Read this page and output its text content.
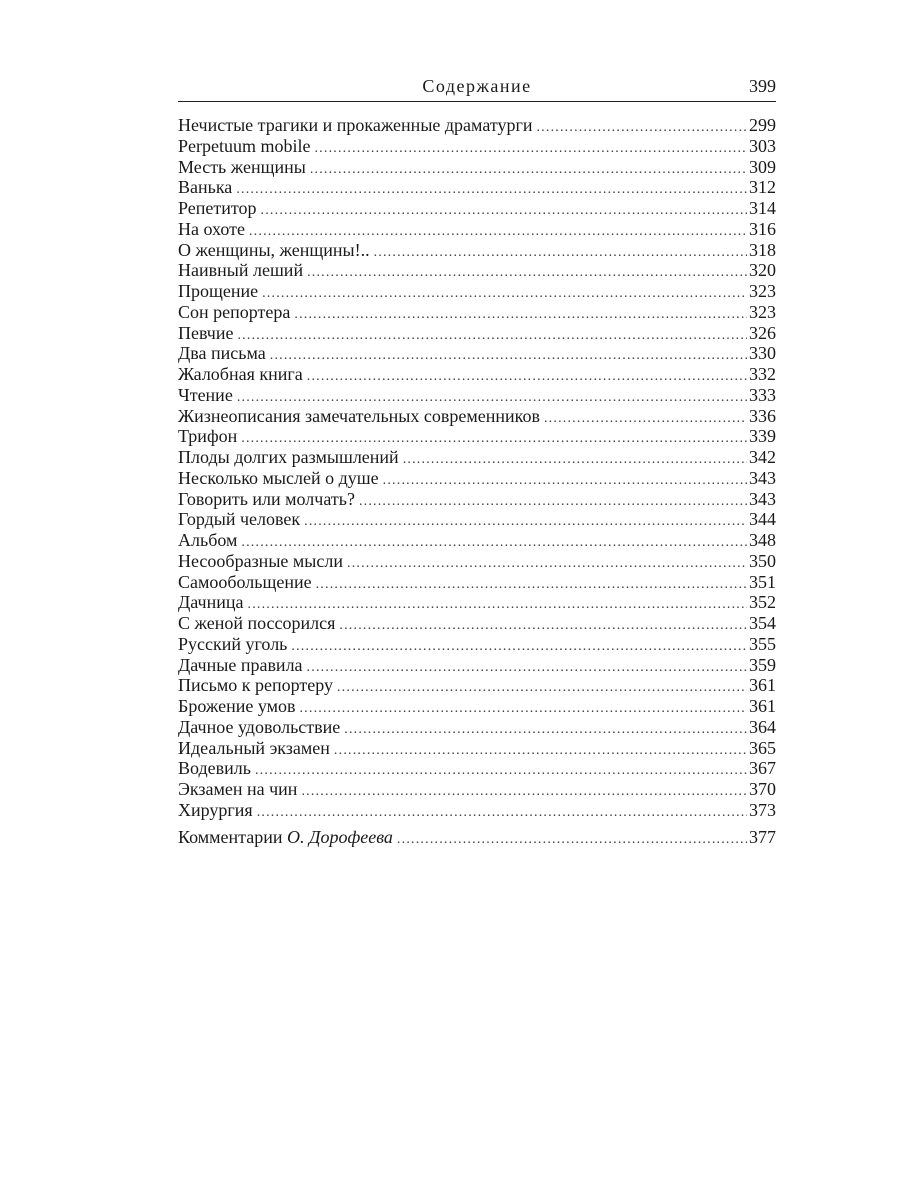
Содержание	399
Нечистые трагики и прокаженные драматурги .....	299
Perpetuum mobile .....	303
Месть женщины .....	309
Ванька .....	312
Репетитор .....	314
На охоте .....	316
О женщины, женщины!.. .....	318
Наивный леший .....	320
Прощение .....	323
Сон репортера .....	323
Певчие .....	326
Два письма .....	330
Жалобная книга .....	332
Чтение .....	333
Жизнеописания замечательных современников .....	336
Трифон .....	339
Плоды долгих размышлений .....	342
Несколько мыслей о душе .....	343
Говорить или молчать? .....	343
Гордый человек .....	344
Альбом .....	348
Несообразные мысли .....	350
Самообольщение .....	351
Дачница .....	352
С женой поссорился .....	354
Русский уголь .....	355
Дачные правила .....	359
Письмо к репортеру .....	361
Брожение умов .....	361
Дачное удовольствие .....	364
Идеальный экзамен .....	365
Водевиль .....	367
Экзамен на чин .....	370
Хирургия .....	373
Комментарии О. Дорофеева .....	377
